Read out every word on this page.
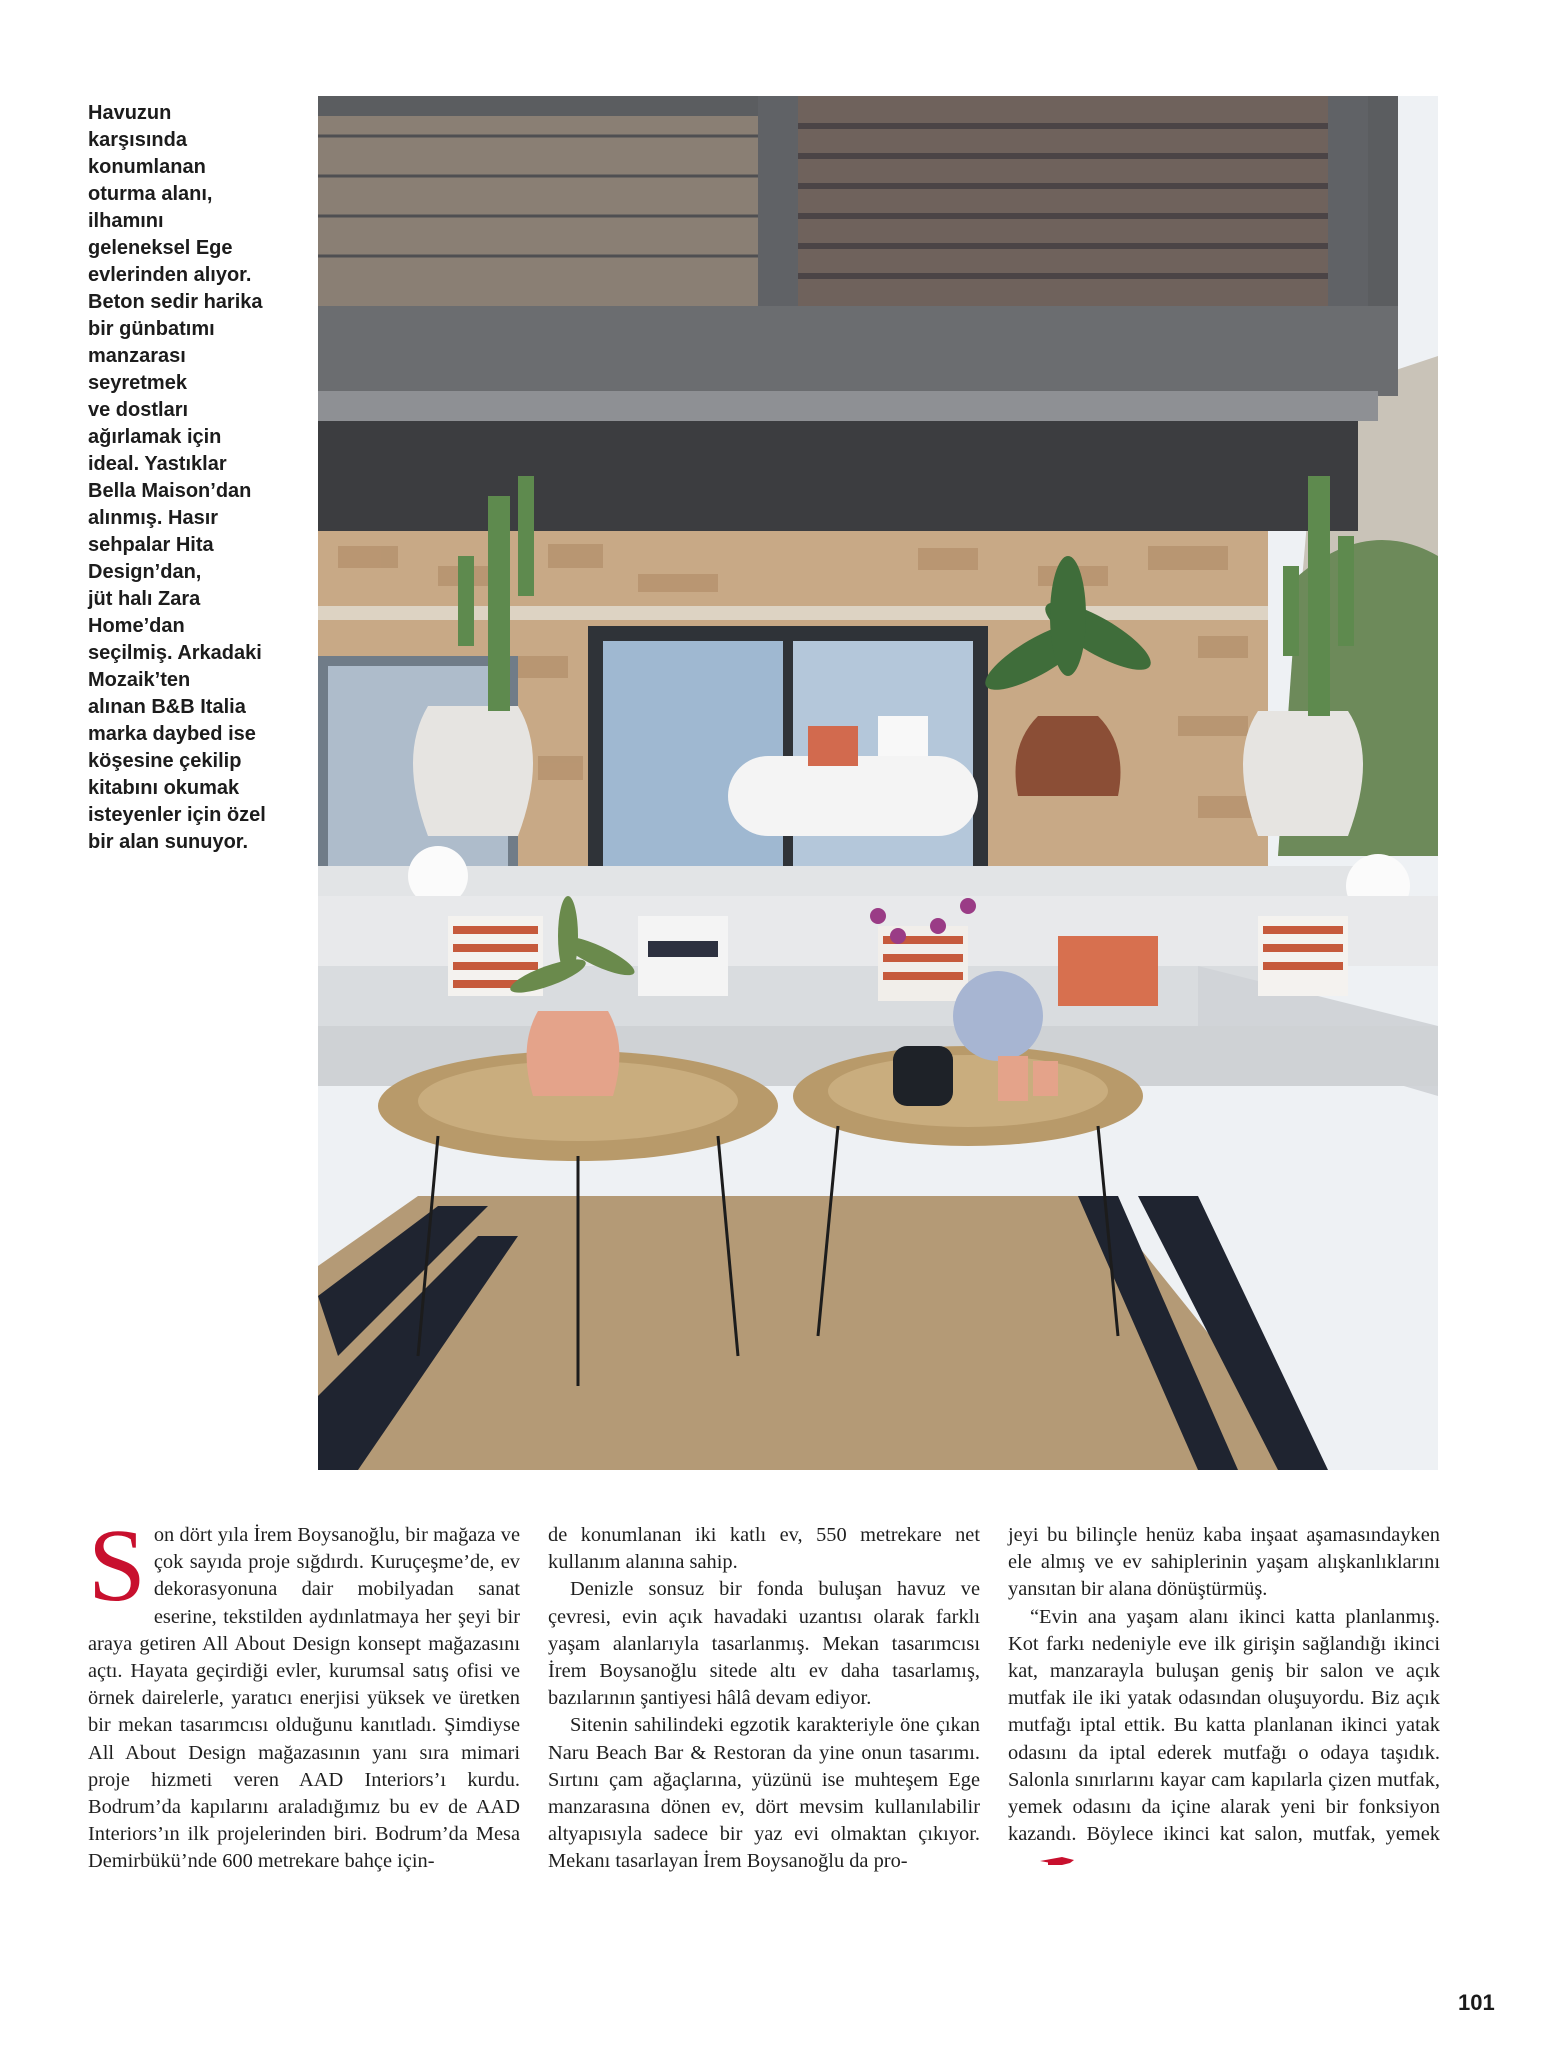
Havuzun
karşısında
konumlanan
oturma alanı,
ilhamını
geleneksel Ege
evlerinden alıyor.
Beton sedir harika
bir günbatımı
manzarası
seyretmek
ve dostları
ağırlamak için
ideal. Yastıklar
Bella Maison’dan
alınmış. Hasır
sehpalar Hita
Design’dan,
jüt halı Zara
Home’dan
seçilmiş. Arkadaki
Mozaik’ten
alınan B&B Italia
marka daybed ise
köşesine çekilip
kitabını okumak
isteyenler için özel
bir alan sunuyor.

Son dört yıla İrem Boysanoğlu, bir mağaza ve çok sayıda proje sığdırdı. Kuruçeşme’de, ev dekorasyonuna dair mobilyadan sanat eserine, tekstilden aydınlatmaya her şeyi bir araya getiren All About Design konsept mağazasını açtı. Hayata geçirdiği evler, kurumsal satış ofisi ve örnek dairelerle, yaratıcı enerjisi yüksek ve üretken bir mekan tasarımcısı olduğunu kanıtladı. Şimdiyse All About Design mağazasının yanı sıra mimari proje hizmeti veren AAD Interiors’ı kurdu. Bodrum’da kapılarını araladığımız bu ev de AAD Interiors’ın ilk projelerinden biri. Bodrum’da Mesa Demirbükü’nde 600 metrekare bahçe için-

de konumlanan iki katlı ev, 550 metrekare net kullanım alanına sahip.

Denizle sonsuz bir fonda buluşan havuz ve çevresi, evin açık havadaki uzantısı olarak farklı yaşam alanlarıyla tasarlanmış. Mekan tasarımcısı İrem Boysanoğlu sitede altı ev daha tasarlamış, bazılarının şantiyesi hâlâ devam ediyor.

Sitenin sahilindeki egzotik karakteriyle öne çıkan Naru Beach Bar & Restoran da yine onun tasarımı. Sırtını çam ağaçlarına, yüzünü ise muhteşem Ege manzarasına dönen ev, dört mevsim kullanılabilir altyapısıyla sadece bir yaz evi olmaktan çıkıyor. Mekanı tasarlayan İrem Boysanoğlu da pro-

jeyi bu bilinçle henüz kaba inşaat aşamasındayken ele almış ve ev sahiplerinin yaşam alışkanlıklarını yansıtan bir alana dönüştürmüş.

“Evin ana yaşam alanı ikinci katta planlanmış. Kot farkı nedeniyle eve ilk girişin sağlandığı ikinci kat, manzarayla buluşan geniş bir salon ve açık mutfak ile iki yatak odasından oluşuyordu. Biz açık mutfağı iptal ettik. Bu katta planlanan ikinci yatak odasını da iptal ederek mutfağı o odaya taşıdık. Salonla sınırlarını kayar cam kapılarla çizen mutfak, yemek odasını da içine alarak yeni bir fonksiyon kazandı. Böylece ikinci kat salon, mutfak, yemek

101
